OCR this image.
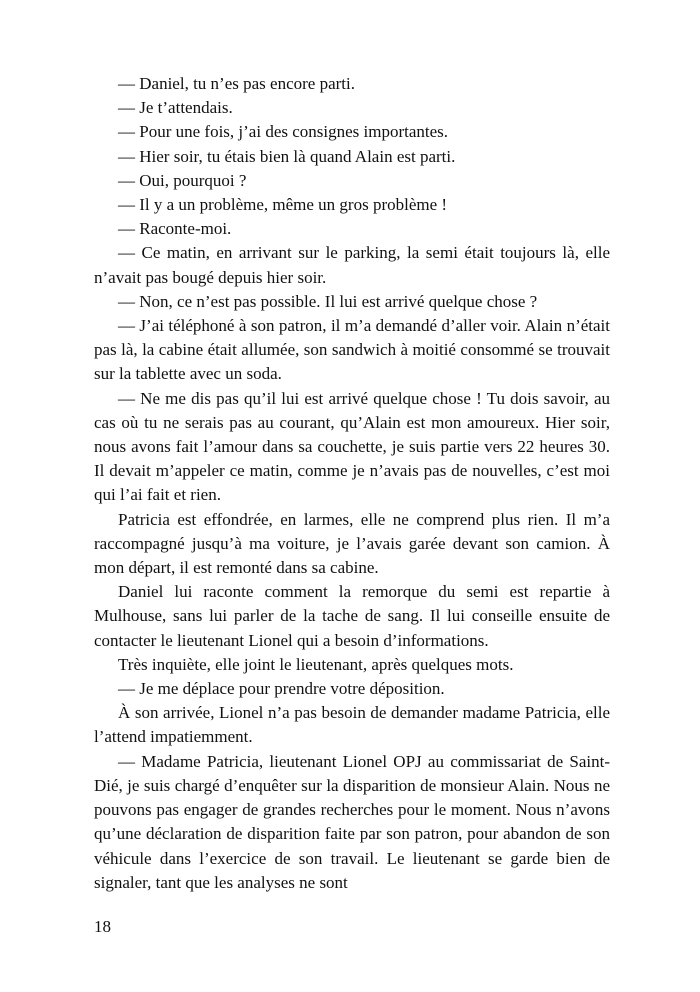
— Daniel, tu n’es pas encore parti.

— Je t’attendais.

— Pour une fois, j’ai des consignes importantes.

— Hier soir, tu étais bien là quand Alain est parti.

— Oui, pourquoi ?

— Il y a un problème, même un gros problème !

— Raconte-moi.

— Ce matin, en arrivant sur le parking, la semi était toujours là, elle n’avait pas bougé depuis hier soir.

— Non, ce n’est pas possible. Il lui est arrivé quelque chose ?

— J’ai téléphoné à son patron, il m’a demandé d’aller voir. Alain n’était pas là, la cabine était allumée, son sandwich à moitié consommé se trouvait sur la tablette avec un soda.

— Ne me dis pas qu’il lui est arrivé quelque chose ! Tu dois savoir, au cas où tu ne serais pas au courant, qu’Alain est mon amoureux. Hier soir, nous avons fait l’amour dans sa couchette, je suis partie vers 22 heures 30. Il devait m’appeler ce matin, comme je n’avais pas de nouvelles, c’est moi qui l’ai fait et rien.

Patricia est effondrée, en larmes, elle ne comprend plus rien. Il m’a raccompagné jusqu’à ma voiture, je l’avais garée devant son camion. À mon départ, il est remonté dans sa cabine.

Daniel lui raconte comment la remorque du semi est repartie à Mulhouse, sans lui parler de la tache de sang. Il lui conseille ensuite de contacter le lieutenant Lionel qui a besoin d’informations.

Très inquiète, elle joint le lieutenant, après quelques mots.

— Je me déplace pour prendre votre déposition.

À son arrivée, Lionel n’a pas besoin de demander madame Patricia, elle l’attend impatiemment.

— Madame Patricia, lieutenant Lionel OPJ au commissariat de Saint-Dié, je suis chargé d’enquêter sur la disparition de monsieur Alain. Nous ne pouvons pas engager de grandes recherches pour le moment. Nous n’avons qu’une déclaration de disparition faite par son patron, pour abandon de son véhicule dans l’exercice de son travail. Le lieutenant se garde bien de signaler, tant que les analyses ne sont

18
